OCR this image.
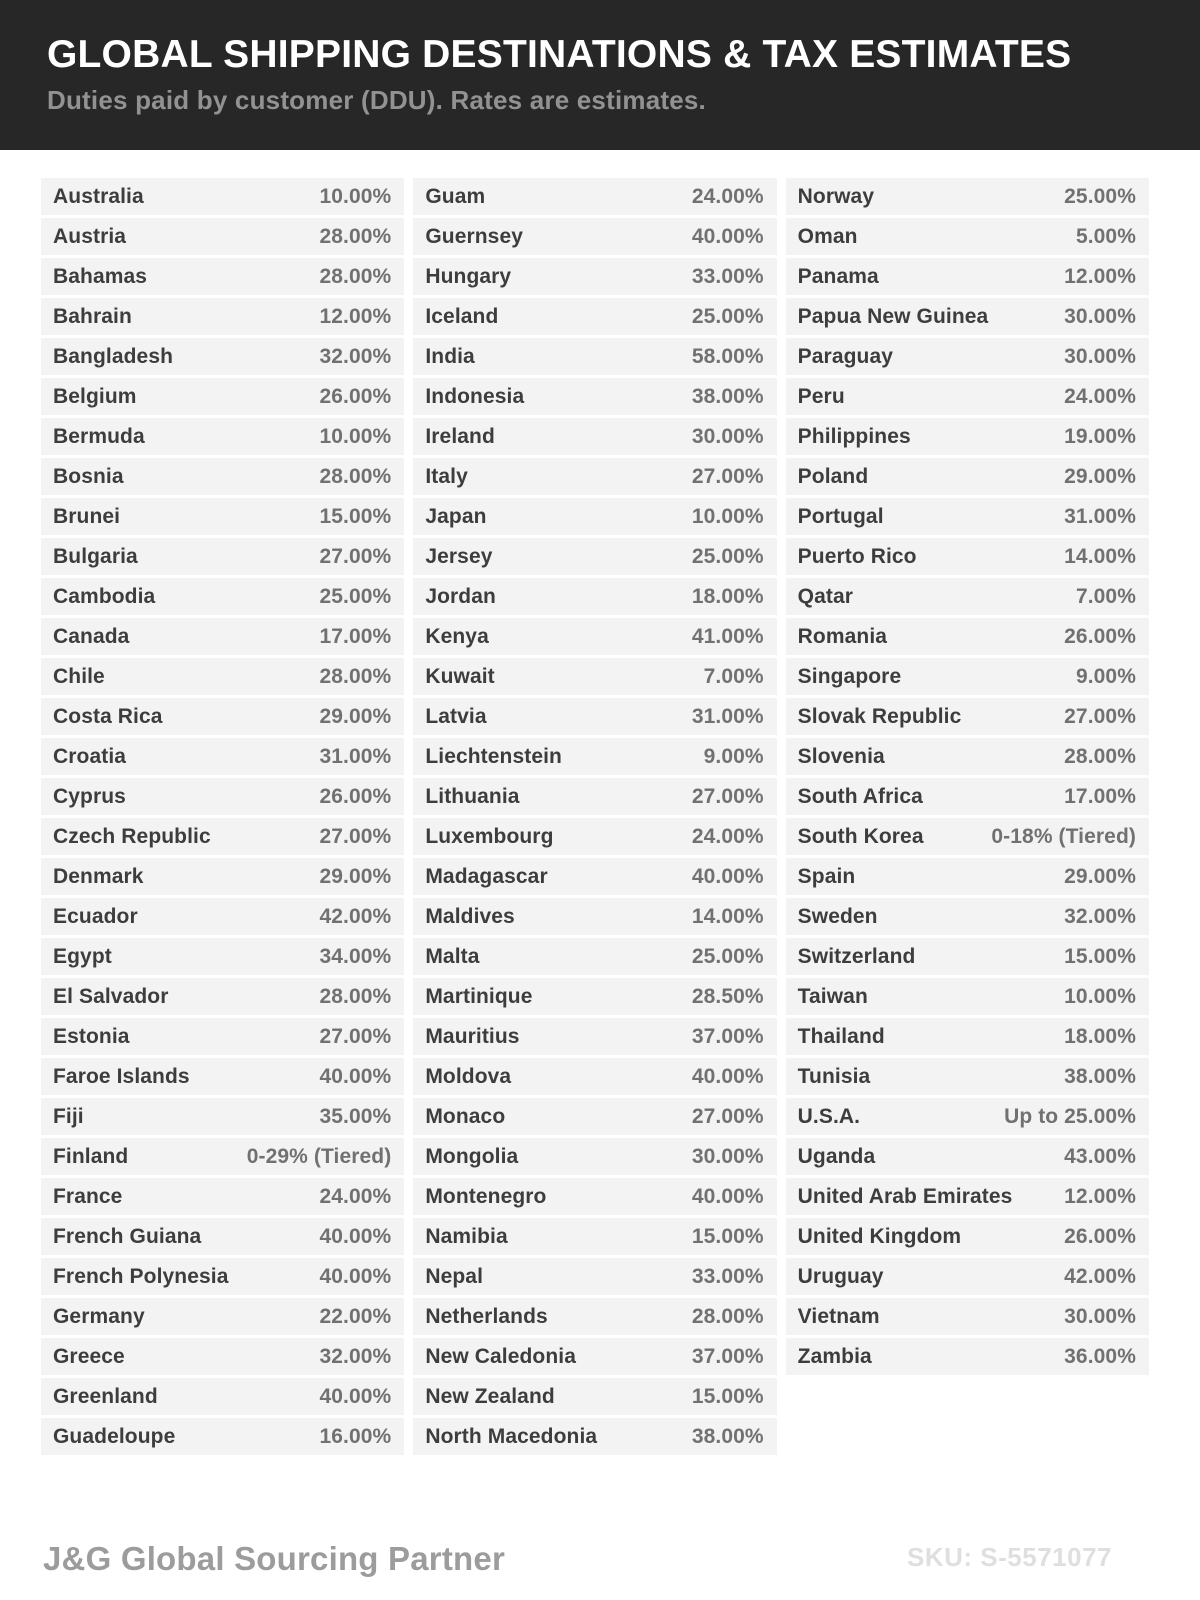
GLOBAL SHIPPING DESTINATIONS & TAX ESTIMATES
Duties paid by customer (DDU). Rates are estimates.
Australia	10.00%
Austria	28.00%
Bahamas	28.00%
Bahrain	12.00%
Bangladesh	32.00%
Belgium	26.00%
Bermuda	10.00%
Bosnia	28.00%
Brunei	15.00%
Bulgaria	27.00%
Cambodia	25.00%
Canada	17.00%
Chile	28.00%
Costa Rica	29.00%
Croatia	31.00%
Cyprus	26.00%
Czech Republic	27.00%
Denmark	29.00%
Ecuador	42.00%
Egypt	34.00%
El Salvador	28.00%
Estonia	27.00%
Faroe Islands	40.00%
Fiji	35.00%
Finland	0-29% (Tiered)
France	24.00%
French Guiana	40.00%
French Polynesia	40.00%
Germany	22.00%
Greece	32.00%
Greenland	40.00%
Guadeloupe	16.00%
Guam	24.00%
Guernsey	40.00%
Hungary	33.00%
Iceland	25.00%
India	58.00%
Indonesia	38.00%
Ireland	30.00%
Italy	27.00%
Japan	10.00%
Jersey	25.00%
Jordan	18.00%
Kenya	41.00%
Kuwait	7.00%
Latvia	31.00%
Liechtenstein	9.00%
Lithuania	27.00%
Luxembourg	24.00%
Madagascar	40.00%
Maldives	14.00%
Malta	25.00%
Martinique	28.50%
Mauritius	37.00%
Moldova	40.00%
Monaco	27.00%
Mongolia	30.00%
Montenegro	40.00%
Namibia	15.00%
Nepal	33.00%
Netherlands	28.00%
New Caledonia	37.00%
New Zealand	15.00%
North Macedonia	38.00%
Norway	25.00%
Oman	5.00%
Panama	12.00%
Papua New Guinea	30.00%
Paraguay	30.00%
Peru	24.00%
Philippines	19.00%
Poland	29.00%
Portugal	31.00%
Puerto Rico	14.00%
Qatar	7.00%
Romania	26.00%
Singapore	9.00%
Slovak Republic	27.00%
Slovenia	28.00%
South Africa	17.00%
South Korea	0-18% (Tiered)
Spain	29.00%
Sweden	32.00%
Switzerland	15.00%
Taiwan	10.00%
Thailand	18.00%
Tunisia	38.00%
U.S.A.	Up to 25.00%
Uganda	43.00%
United Arab Emirates 12.00%
United Kingdom	26.00%
Uruguay	42.00%
Vietnam	30.00%
Zambia	36.00%
J&G Global Sourcing Partner	SKU: S-5571077
